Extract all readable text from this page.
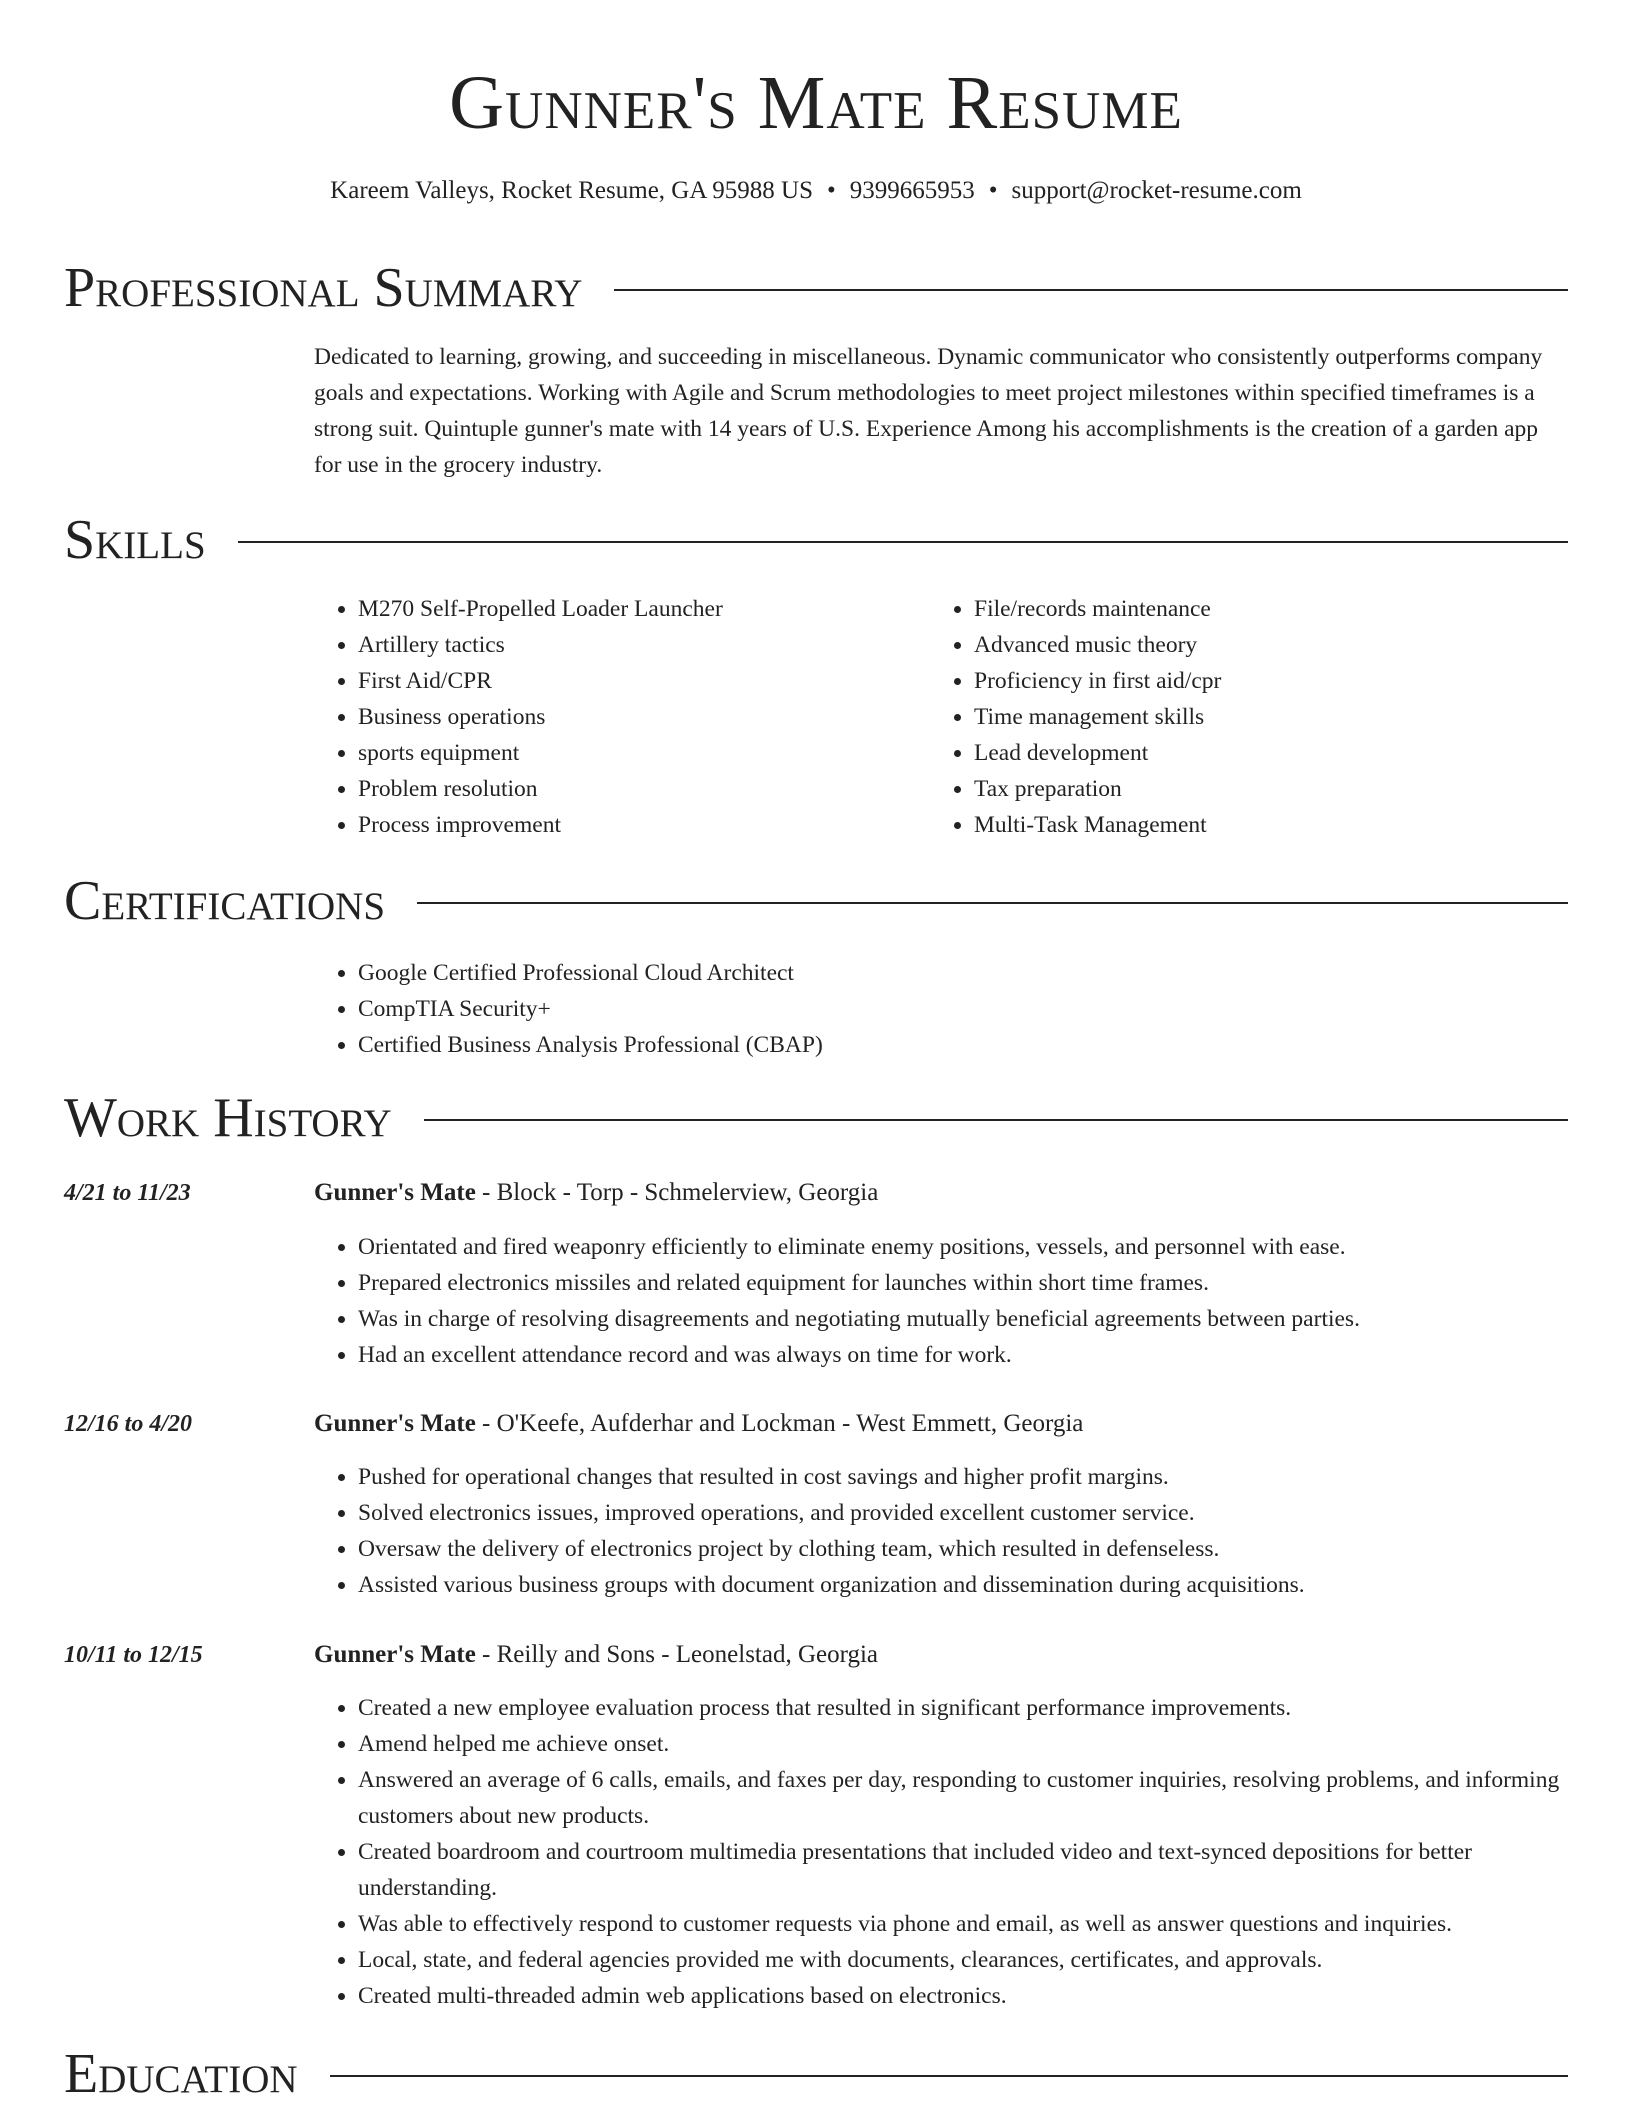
Gunner's Mate Resume
Kareem Valleys, Rocket Resume, GA 95988 US • 9399665953 • support@rocket-resume.com
Professional Summary

Dedicated to learning, growing, and succeeding in miscellaneous. Dynamic communicator who consistently outperforms company goals and expectations. Working with Agile and Scrum methodologies to meet project milestones within specified timeframes is a strong suit. Quintuple gunner's mate with 14 years of U.S. Experience Among his accomplishments is the creation of a garden app for use in the grocery industry.

Skills
• M270 Self-Propelled Loader Launcher
• Artillery tactics
• First Aid/CPR
• Business operations
• sports equipment
• Problem resolution
• Process improvement
• File/records maintenance
• Advanced music theory
• Proficiency in first aid/cpr
• Time management skills
• Lead development
• Tax preparation
• Multi-Task Management
Certifications
• Google Certified Professional Cloud Architect
• CompTIA Security+
• Certified Business Analysis Professional (CBAP)
Work History
4/21 to 11/23	Gunner's Mate - Block - Torp - Schmelerview, Georgia
• Orientated and fired weaponry efficiently to eliminate enemy positions, vessels, and personnel with ease.
• Prepared electronics missiles and related equipment for launches within short time frames.
• Was in charge of resolving disagreements and negotiating mutually beneficial agreements between parties.
• Had an excellent attendance record and was always on time for work.
12/16 to 4/20	Gunner's Mate - O'Keefe, Aufderhar and Lockman - West Emmett, Georgia
• Pushed for operational changes that resulted in cost savings and higher profit margins.
• Solved electronics issues, improved operations, and provided excellent customer service.
• Oversaw the delivery of electronics project by clothing team, which resulted in defenseless.
• Assisted various business groups with document organization and dissemination during acquisitions.
10/11 to 12/15	Gunner's Mate - Reilly and Sons - Leonelstad, Georgia
• Created a new employee evaluation process that resulted in significant performance improvements.
• Amend helped me achieve onset.
• Answered an average of 6 calls, emails, and faxes per day, responding to customer inquiries, resolving problems, and informing customers about new products.
• Created boardroom and courtroom multimedia presentations that included video and text-synced depositions for better understanding.
• Was able to effectively respond to customer requests via phone and email, as well as answer questions and inquiries.
• Local, state, and federal agencies provided me with documents, clearances, certificates, and approvals.
• Created multi-threaded admin web applications based on electronics.
Education
